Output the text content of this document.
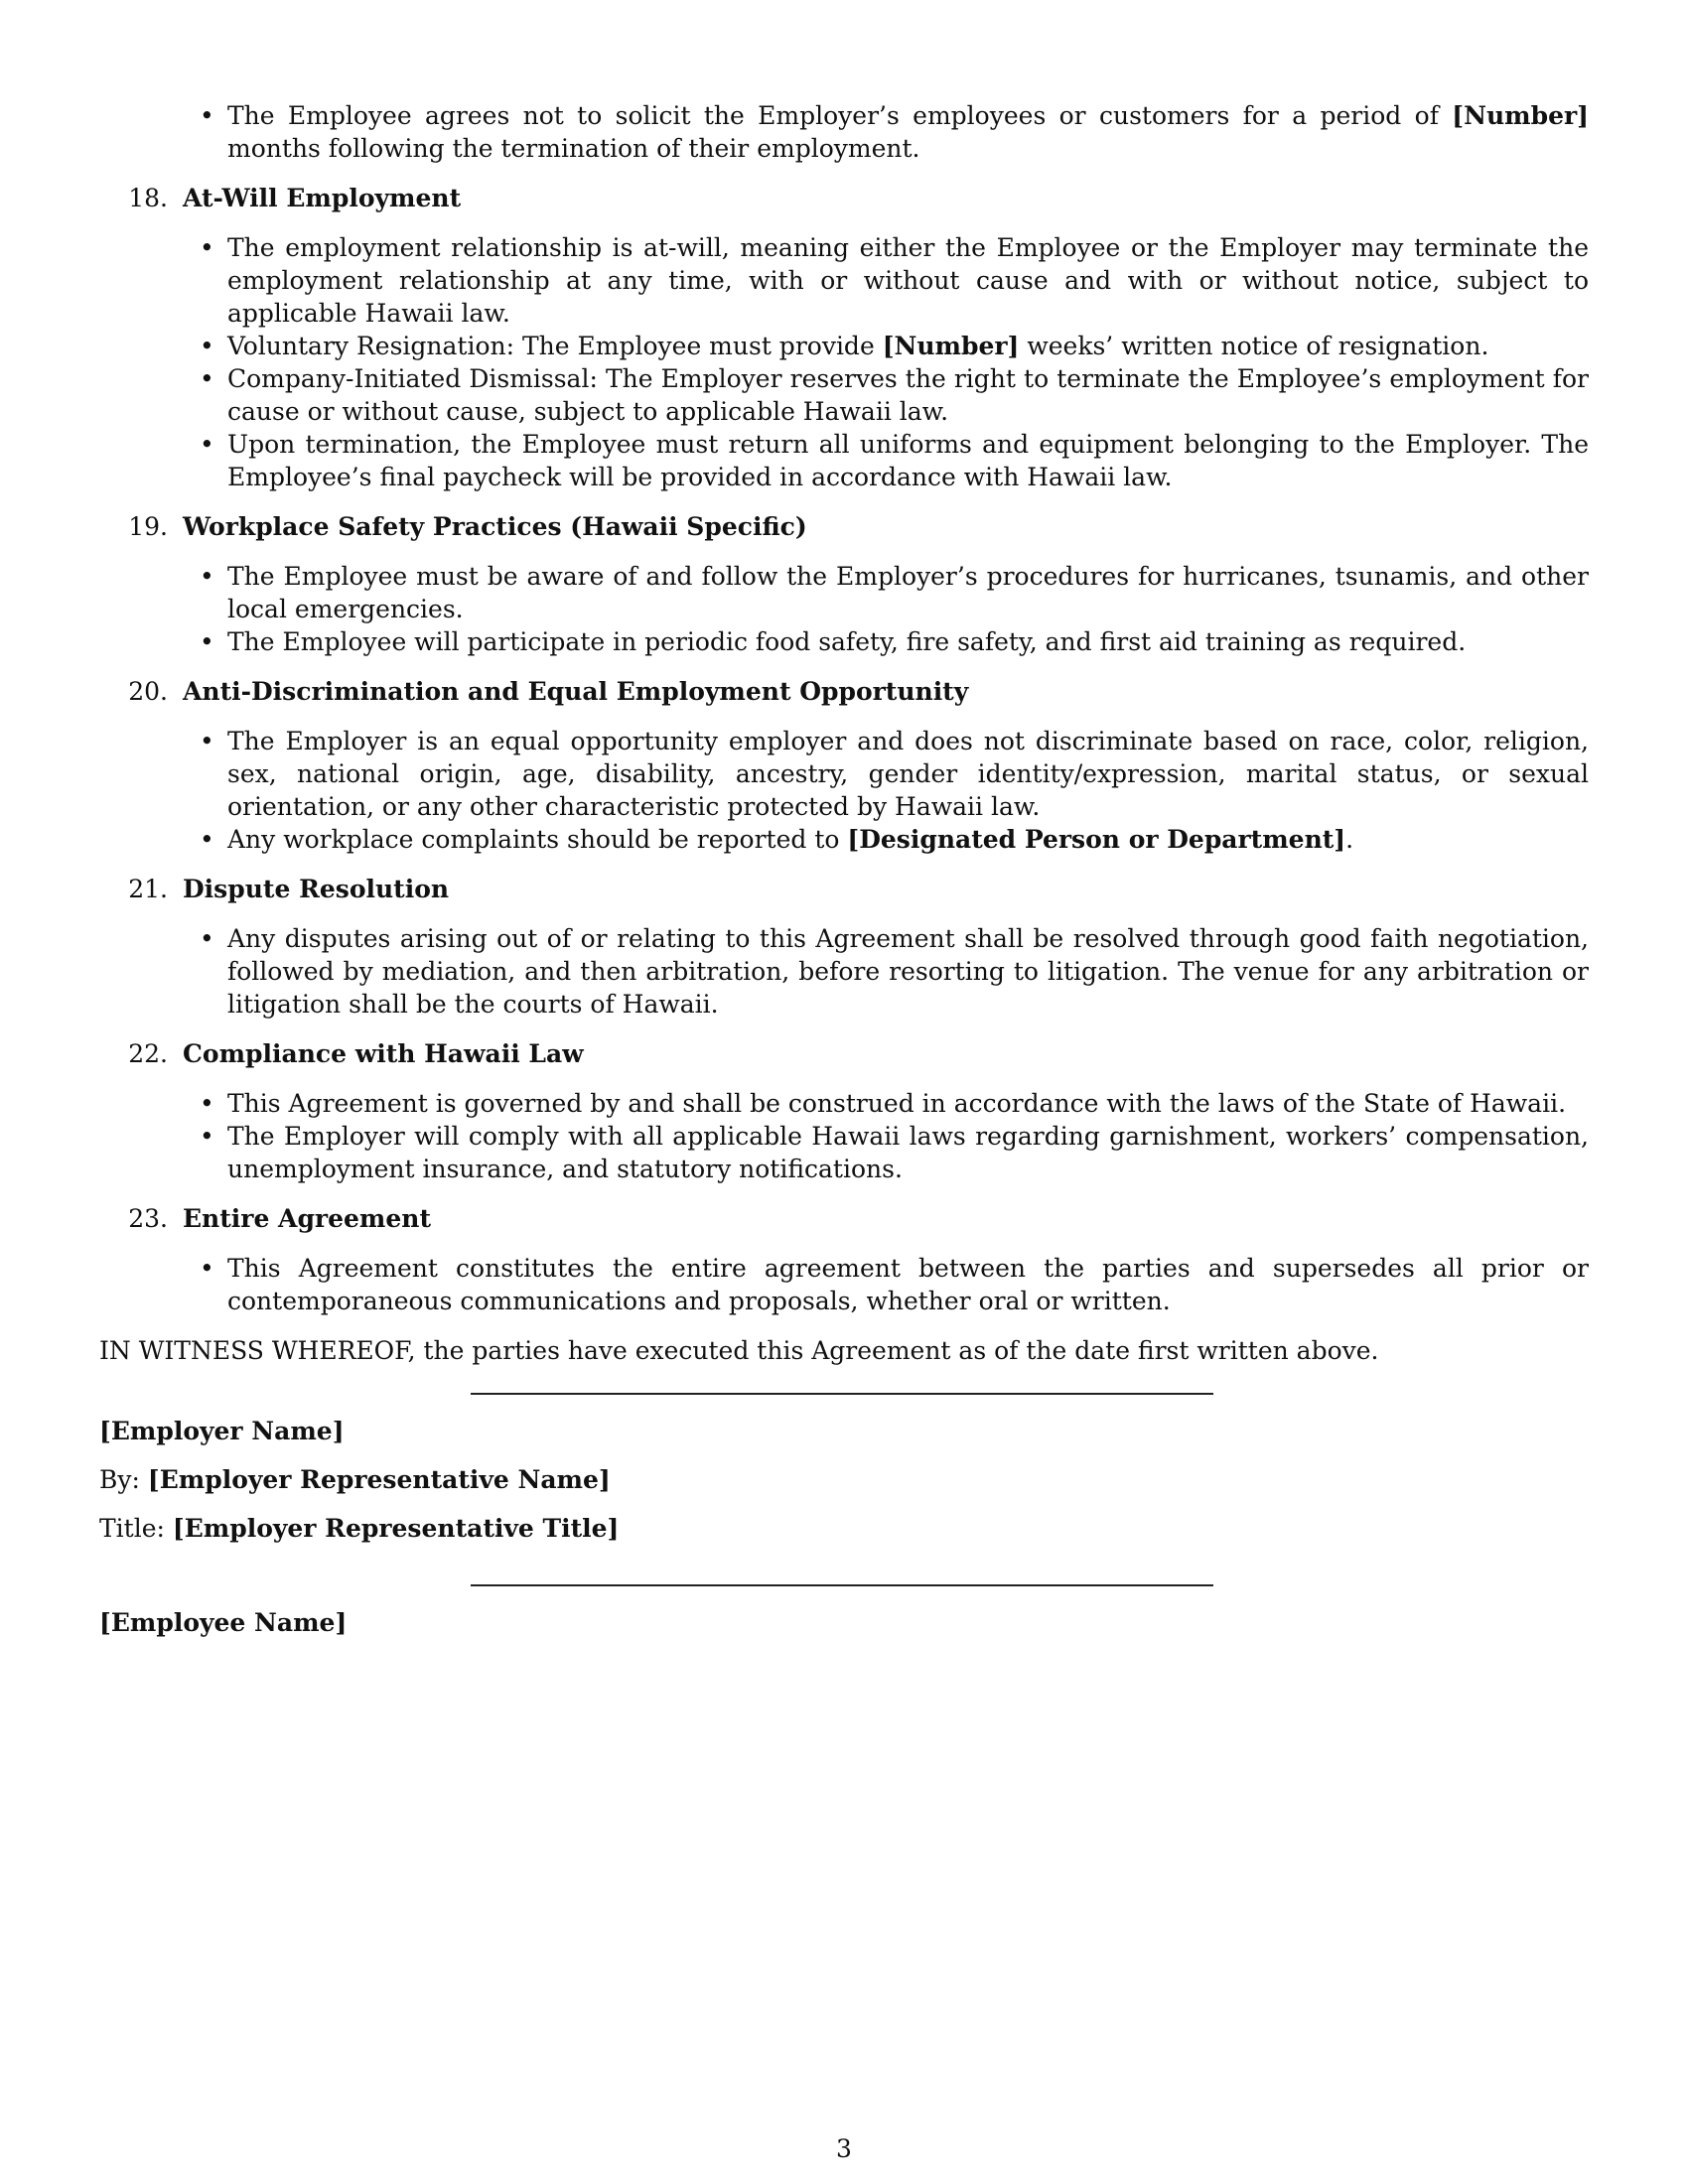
• The Employee agrees not to solicit the Employer’s employees or customers for a period of [Number] months following the termination of their employment.
18. At-Will Employment
• The employment relationship is at-will, meaning either the Employee or the Employer may terminate the employment relationship at any time, with or without cause and with or without notice, subject to applicable Hawaii law.
• Voluntary Resignation: The Employee must provide [Number] weeks’ written notice of resignation.
• Company-Initiated Dismissal: The Employer reserves the right to terminate the Employee’s employment for cause or without cause, subject to applicable Hawaii law.
• Upon termination, the Employee must return all uniforms and equipment belonging to the Employer. The Employee’s final paycheck will be provided in accordance with Hawaii law.
19. Workplace Safety Practices (Hawaii Specific)
• The Employee must be aware of and follow the Employer’s procedures for hurricanes, tsunamis, and other local emergencies.
• The Employee will participate in periodic food safety, fire safety, and first aid training as required.
20. Anti-Discrimination and Equal Employment Opportunity
• The Employer is an equal opportunity employer and does not discriminate based on race, color, religion, sex, national origin, age, disability, ancestry, gender identity/expression, marital status, or sexual orientation, or any other characteristic protected by Hawaii law.
• Any workplace complaints should be reported to [Designated Person or Department].
21. Dispute Resolution
• Any disputes arising out of or relating to this Agreement shall be resolved through good faith negotiation, followed by mediation, and then arbitration, before resorting to litigation. The venue for any arbitration or litigation shall be the courts of Hawaii.
22. Compliance with Hawaii Law
• This Agreement is governed by and shall be construed in accordance with the laws of the State of Hawaii.
• The Employer will comply with all applicable Hawaii laws regarding garnishment, workers’ compensation, unemployment insurance, and statutory notifications.
23. Entire Agreement
• This Agreement constitutes the entire agreement between the parties and supersedes all prior or contemporaneous communications and proposals, whether oral or written.
IN WITNESS WHEREOF, the parties have executed this Agreement as of the date first written above.
[Employer Name]
By: [Employer Representative Name]
Title: [Employer Representative Title]
[Employee Name]
3
